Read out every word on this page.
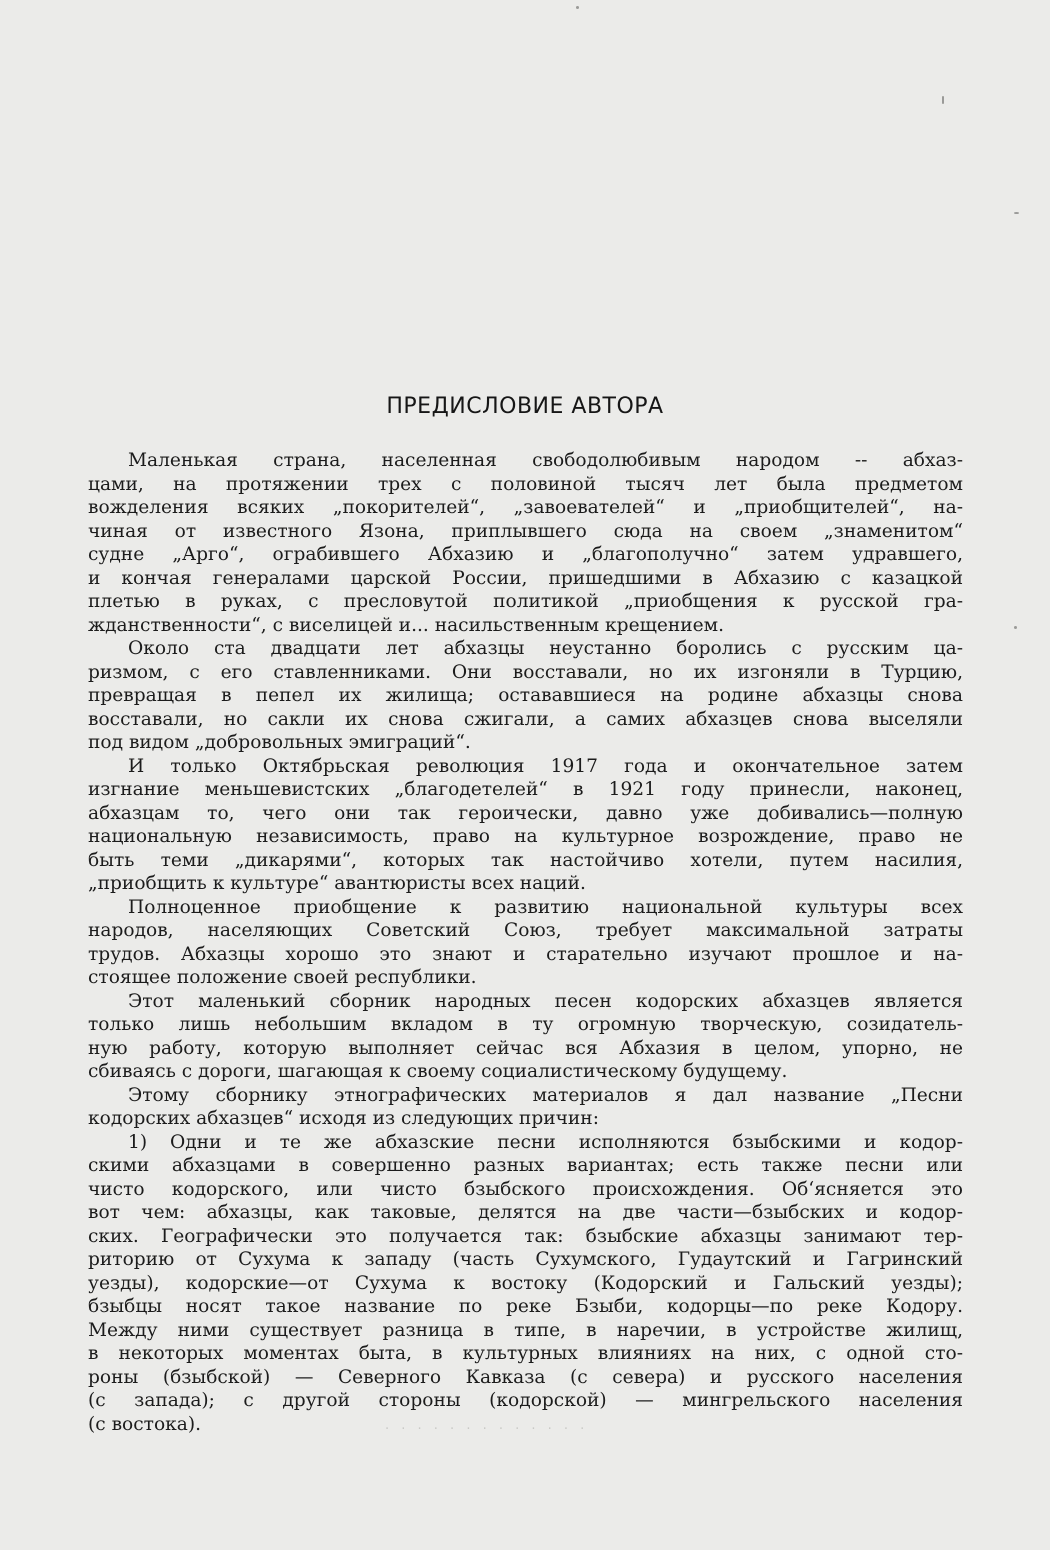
ПРЕДИСЛОВИЕ АВТОРА
Маленькая страна, населенная свободолюбивым народом -- абхаз-
цами, на протяжении трех с половиной тысяч лет была предметом
вожделения всяких „покорителей“, „завоевателей“ и „приобщителей“, на-
чиная от известного Язона, приплывшего сюда на своем „знаменитом“
судне „Арго“, ограбившего Абхазию и „благополучно“ затем удравшего,
и кончая генералами царской России, пришедшими в Абхазию с казацкой
плетью в руках, с пресловутой политикой „приобщения к русской гра-
жданственности“, с виселицей и... насильственным крещением.
Около ста двадцати лет абхазцы неустанно боролись с русским ца-
ризмом, с его ставленниками. Они восставали, но их изгоняли в Турцию,
превращая в пепел их жилища; остававшиеся на родине абхазцы снова
восставали, но сакли их снова сжигали, а самих абхазцев снова выселяли
под видом „добровольных эмиграций“.
И только Октябрьская революция 1917 года и окончательное затем
изгнание меньшевистских „благодетелей“ в 1921 году принесли, наконец,
абхазцам то, чего они так героически, давно уже добивались—полную
национальную независимость, право на культурное возрождение, право не
быть теми „дикарями“, которых так настойчиво хотели, путем насилия,
„приобщить к культуре“ авантюристы всех наций.
Полноценное приобщение к развитию национальной культуры всех
народов, населяющих Советский Союз, требует максимальной затраты
трудов. Абхазцы хорошо это знают и старательно изучают прошлое и на-
стоящее положение своей республики.
Этот маленький сборник народных песен кодорских абхазцев является
только лишь небольшим вкладом в ту огромную творческую, созидатель-
ную работу, которую выполняет сейчас вся Абхазия в целом, упорно, не
сбиваясь с дороги, шагающая к своему социалистическому будущему.
Этому сборнику этнографических материалов я дал название „Песни
кодорских абхазцев“ исходя из следующих причин:
1) Одни и те же абхазские песни исполняются бзыбскими и кодор-
скими абхазцами в совершенно разных вариантах; есть также песни или
чисто кодорского, или чисто бзыбского происхождения. Об‘ясняется это
вот чем: абхазцы, как таковые, делятся на две части—бзыбских и кодор-
ских. Географически это получается так: бзыбские абхазцы занимают тер-
риторию от Сухума к западу (часть Сухумского, Гудаутский и Гагринский
уезды), кодорские—от Сухума к востоку (Кодорский и Гальский уезды);
бзыбцы носят такое название по реке Бзыби, кодорцы—по реке Кодору.
Между ними существует разница в типе, в наречии, в устройстве жилищ,
в некоторых моментах быта, в культурных влияниях на них, с одной сто-
роны (бзыбской) — Северного Кавказа (с севера) и русского населения
(с запада); с другой стороны (кодорской) — мингрельского населения
(с востока).	‧ ‧ ‧ ‧ ‧ ‧ ‧ ‧ ‧ ‧ ‧ ‧ ‧
